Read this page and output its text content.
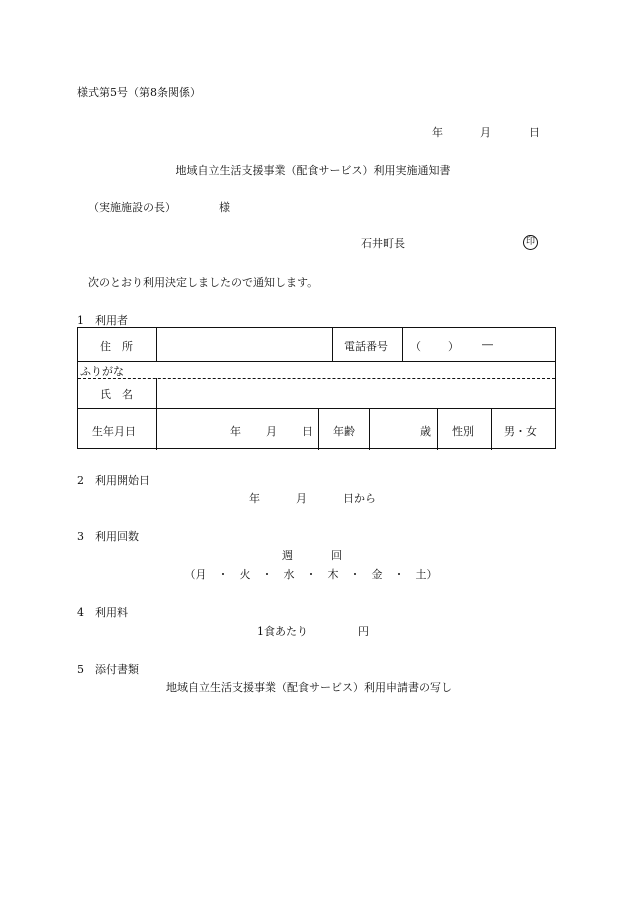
様式第5号（第8条関係）
年	月	日
地域自立生活支援事業（配食サービス）利用実施通知書
（実施施設の長）	様
石井町長	印
次のとおり利用決定しましたので通知します。
1　利用者
住　所	電話番号 （ ） ―
ふりがな
氏　名
生年月日	年 月 日 年齢	歳 性別	男・女
2　利用開始日
年	月	日から
3　利用回数
週	回
（月　・　火　・　水　・　木　・　金　・　土）
4　利用料
1食あたり	円
5　添付書類
地域自立生活支援事業（配食サービス）利用申請書の写し
